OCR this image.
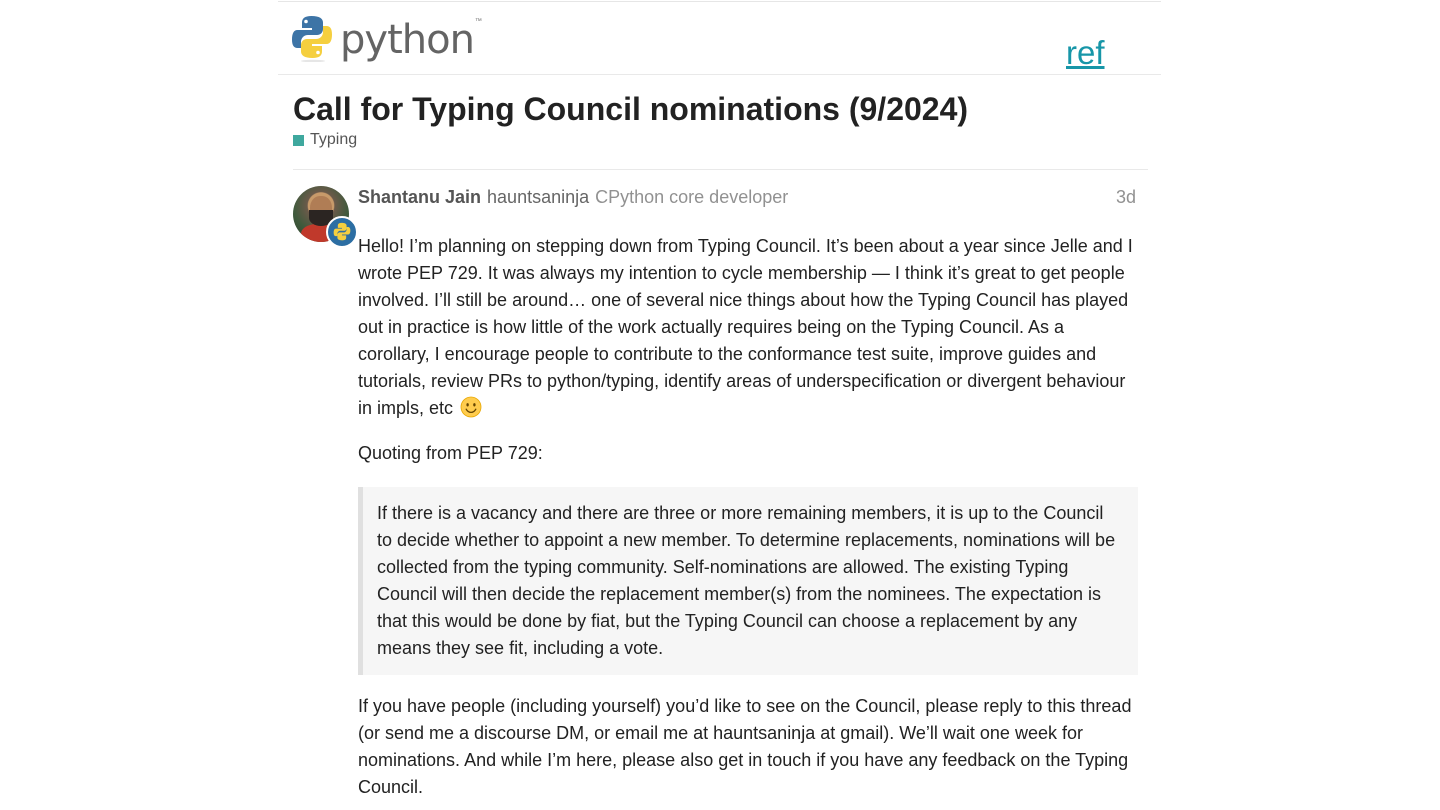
python ™
ref
Call for Typing Council nominations (9/2024)
Typing
Shantanu Jain hauntsaninja CPython core developer	3d

Hello! I’m planning on stepping down from Typing Council. It’s been about a year since Jelle and I wrote PEP 729. It was always my intention to cycle membership — I think it’s great to get people involved. I’ll still be around… one of several nice things about how the Typing Council has played out in practice is how little of the work actually requires being on the Typing Council. As a corollary, I encourage people to contribute to the conformance test suite, improve guides and tutorials, review PRs to python/typing, identify areas of underspecification or divergent behaviour in impls, etc

Quoting from PEP 729:

If there is a vacancy and there are three or more remaining members, it is up to the Council to decide whether to appoint a new member. To determine replacements, nominations will be collected from the typing community. Self-nominations are allowed. The existing Typing Council will then decide the replacement member(s) from the nominees. The expectation is that this would be done by fiat, but the Typing Council can choose a replacement by any means they see fit, including a vote.

If you have people (including yourself) you’d like to see on the Council, please reply to this thread (or send me a discourse DM, or email me at hauntsaninja at gmail). We’ll wait one week for nominations. And while I’m here, please also get in touch if you have any feedback on the Typing Council.
